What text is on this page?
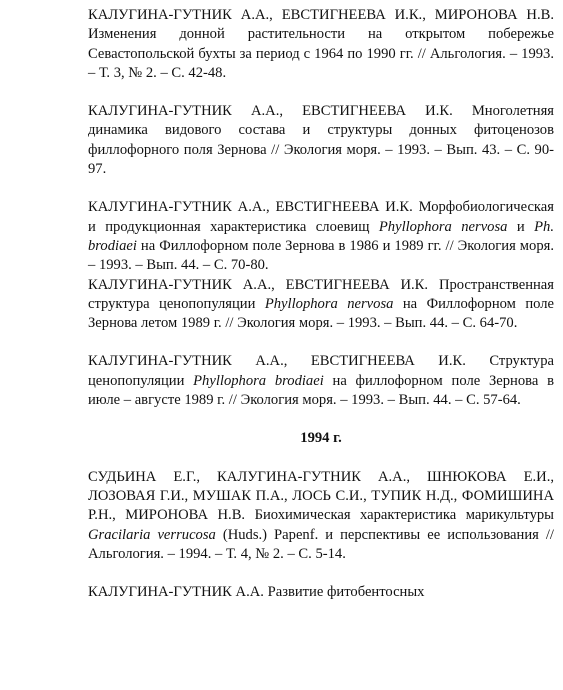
КАЛУГИНА-ГУТНИК А.А., ЕВСТИГНЕЕВА И.К., МИРОНОВА Н.В. Изменения донной растительности на открытом побережье Севастопольской бухты за период с 1964 по 1990 гг. // Альгология. – 1993. – Т. 3, № 2. – С. 42-48.
КАЛУГИНА-ГУТНИК А.А., ЕВСТИГНЕЕВА И.К. Многолетняя динамика видового состава и структуры донных фитоценозов филлофорного поля Зернова // Экология моря. – 1993. – Вып. 43. – С. 90-97.
КАЛУГИНА-ГУТНИК А.А., ЕВСТИГНЕЕВА И.К. Морфобиологическая и продукционная характеристика слоевищ Phyllophora nervosa и Ph. brodiaei на Филлофорном поле Зернова в 1986 и 1989 гг. // Экология моря. – 1993. – Вып. 44. – С. 70-80.
КАЛУГИНА-ГУТНИК А.А., ЕВСТИГНЕЕВА И.К. Пространственная структура ценопопуляции Phyllophora nervosa на Филлофорном поле Зернова летом 1989 г. // Экология моря. – 1993. – Вып. 44. – С. 64-70.
КАЛУГИНА-ГУТНИК А.А., ЕВСТИГНЕЕВА И.К. Структура ценопопуляции Phyllophora brodiaei на филлофорном поле Зернова в июле – августе 1989 г. // Экология моря. – 1993. – Вып. 44. – С. 57-64.

1994 г.

СУДЬИНА Е.Г., КАЛУГИНА-ГУТНИК А.А., ШНЮКОВА Е.И., ЛОЗОВАЯ Г.И., МУШАК П.А., ЛОСЬ С.И., ТУПИК Н.Д., ФОМИШИНА Р.Н., МИРОНОВА Н.В. Биохимическая характеристика марикультуры Gracilaria verrucosa (Huds.) Papenf. и перспективы ее использования // Альгология. – 1994. – Т. 4, № 2. – С. 5-14.
КАЛУГИНА-ГУТНИК А.А. Развитие фитобентосных
